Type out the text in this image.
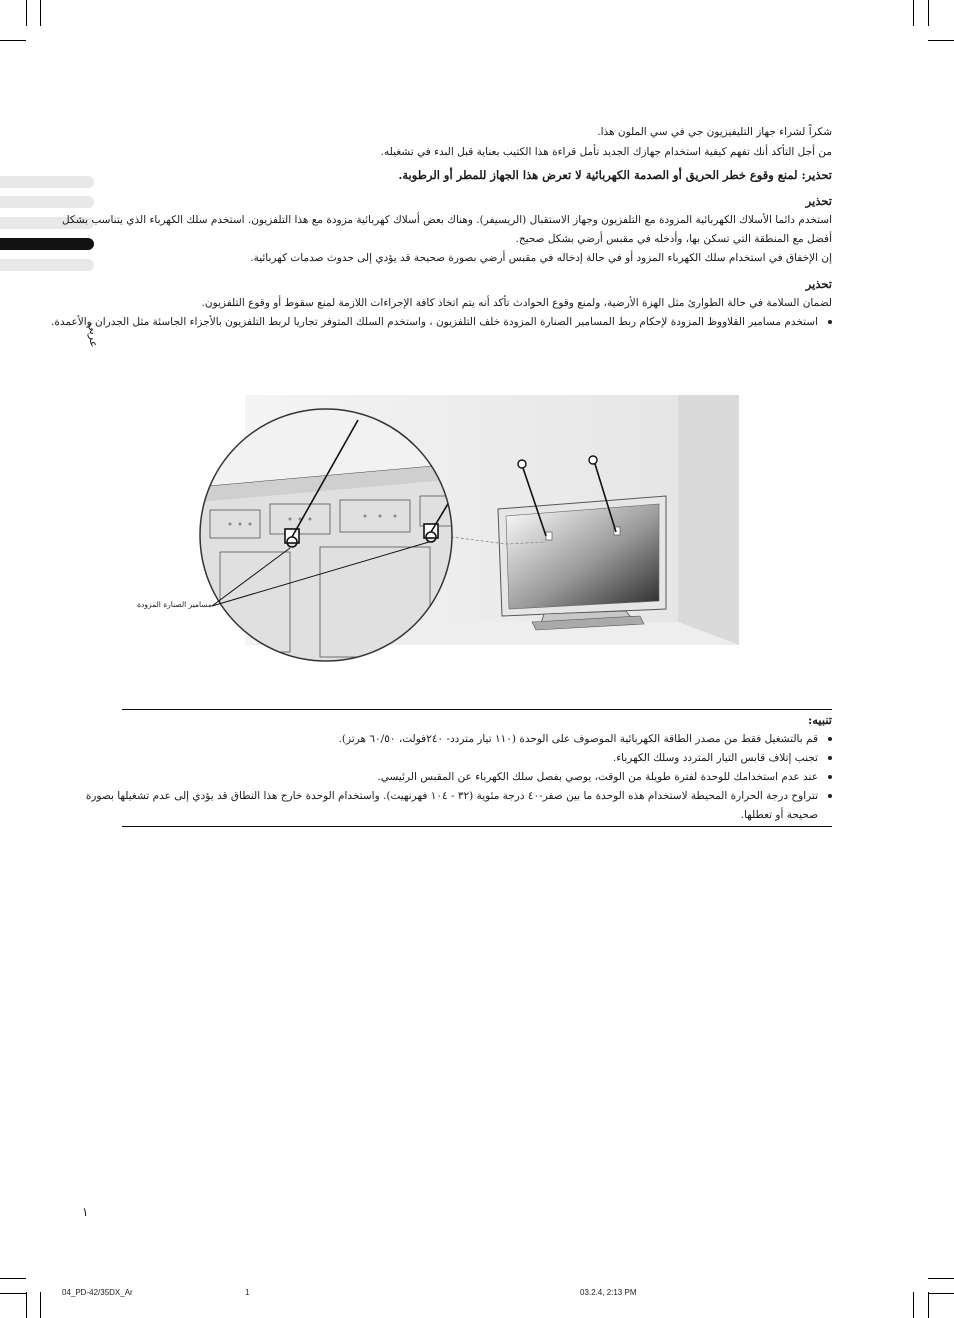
عربي
شكراً لشراء جهاز التليفيزيون جي في سي الملون هذا.
من أجل التأكد أنك تفهم كيفية استخدام جهازك الجديد تأمل قراءة هذا الكتيب بعناية قبل البدء في تشغيله.
تحذير: لمنع وقوع خطر الحريق أو الصدمة الكهربائية لا تعرض هذا الجهاز للمطر أو الرطوبة.
تحذير
استخدم دائما الأسلاك الكهربائية المزودة مع التلفزيون وجهاز الاستقبال (الريسيفر). وهناك بعض أسلاك كهربائية مزودة مع هذا التلفزيون. استخدم سلك الكهرباء الذي يتناسب بشكل
أفضل مع المنطقة التي تسكن بها، وأدخله في مقبس أرضي بشكل صحيح.
إن الإخفاق في استخدام سلك الكهرباء المزود أو في حالة إدخاله في مقبس أرضي بصورة صحيحة قد يؤدي إلى حدوث صدمات كهربائية.
تحذير
لضمان السلامة في حالة الطوارئ مثل الهزة الأرضية، ولمنع وقوع الحوادث تأكد أنه يتم اتخاذ كافة الإجراءات اللازمة لمنع سقوط أو وقوع التلفزيون.
استخدم مسامير القلاووظ المزودة لإحكام ربط المسامير الصنارة المزودة خلف التلفزيون ، واستخدم السلك المتوفر تجاريا لربط التلفزيون بالأجزاء الجاسئة مثل الجدران والأعمدة.
مسامير الصنارة المزودة
تنبيه:
قم بالتشغيل فقط من مصدر الطاقة الكهربائية الموصوف على الوحدة (١١٠ تيار متردد- ٢٤٠فولت، ٦٠/٥٠ هرتز).
تجنب إتلاف قابس التيار المتردد وسلك الكهرباء.
عند عدم استخدامك للوحدة لفترة طويلة من الوقت، يوصي بفصل سلك الكهرباء عن المقبس الرئيسي.
تتراوح درجة الحرارة المحيطة لاستخدام هذه الوحدة ما بين صفر-٤٠ درجة مئوية (٣٢ - ١٠٤ فهرنهيت). واستخدام الوحدة خارج هذا النطاق قد يؤدي إلى عدم تشغيلها بصورة
صحيحة أو تعطلها.
١
04_PD-42/35DX_Ar	1	03.2.4, 2:13 PM
